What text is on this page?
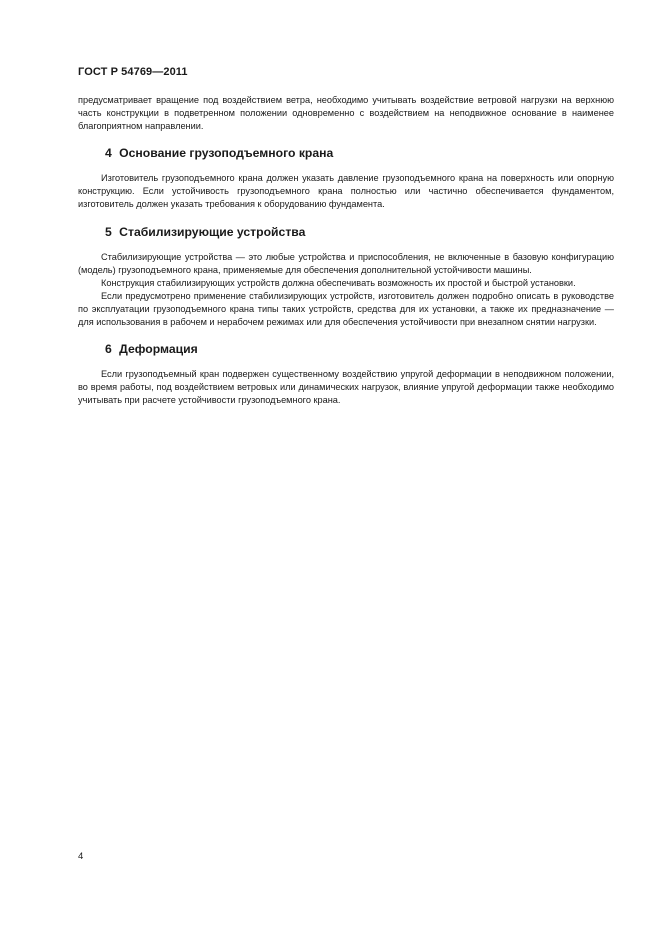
ГОСТ Р 54769—2011

предусматривает вращение под воздействием ветра, необходимо учитывать воздействие ветровой нагрузки на верхнюю часть конструкции в подветренном положении одновременно с воздействием на неподвижное основание в наименее благоприятном направлении.

4 Основание грузоподъемного крана

Изготовитель грузоподъемного крана должен указать давление грузоподъемного крана на поверхность или опорную конструкцию. Если устойчивость грузоподъемного крана полностью или частично обеспечивается фундаментом, изготовитель должен указать требования к оборудованию фундамента.

5 Стабилизирующие устройства

Стабилизирующие устройства — это любые устройства и приспособления, не включенные в базовую конфигурацию (модель) грузоподъемного крана, применяемые для обеспечения дополнительной устойчивости машины.

Конструкция стабилизирующих устройств должна обеспечивать возможность их простой и быстрой установки.

Если предусмотрено применение стабилизирующих устройств, изготовитель должен подробно описать в руководстве по эксплуатации грузоподъемного крана типы таких устройств, средства для их установки, а также их предназначение — для использования в рабочем и нерабочем режимах или для обеспечения устойчивости при внезапном снятии нагрузки.

6 Деформация

Если грузоподъемный кран подвержен существенному воздействию упругой деформации в неподвижном положении, во время работы, под воздействием ветровых или динамических нагрузок, влияние упругой деформации также необходимо учитывать при расчете устойчивости грузоподъемного крана.

4
